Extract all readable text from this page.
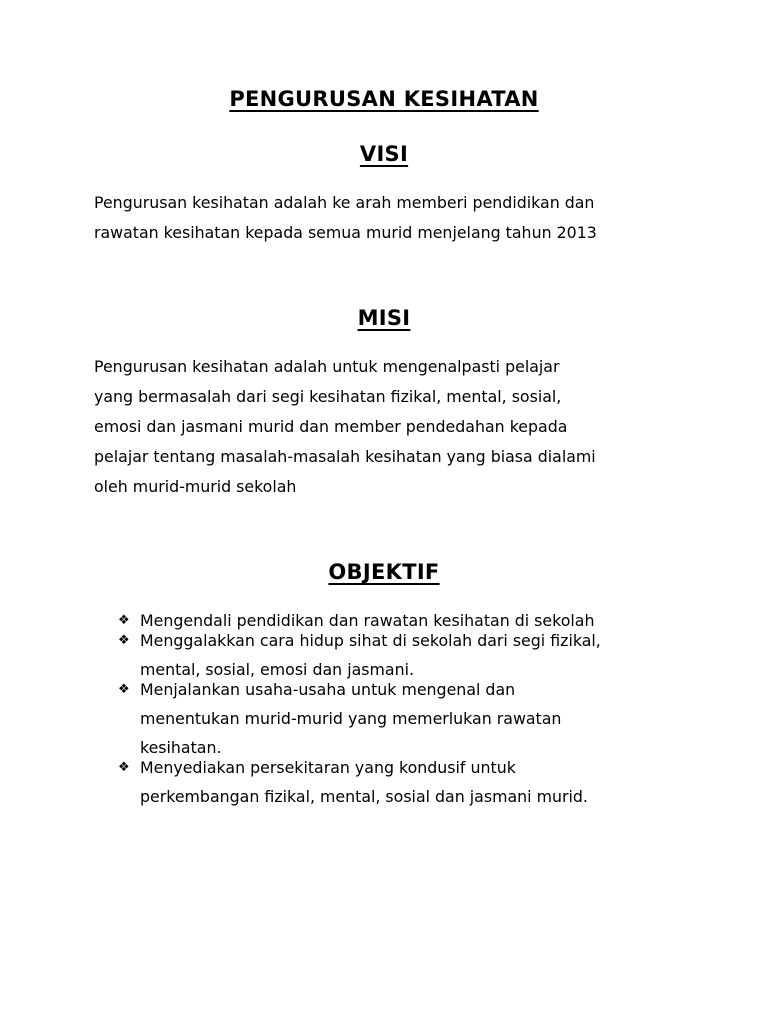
PENGURUSAN KESIHATAN
VISI

Pengurusan kesihatan adalah ke arah memberi pendidikan dan
rawatan kesihatan kepada semua murid menjelang tahun 2013

MISI

Pengurusan kesihatan adalah untuk mengenalpasti pelajar
yang bermasalah dari segi kesihatan fizikal, mental, sosial,
emosi dan jasmani murid dan member pendedahan kepada
pelajar tentang masalah-masalah kesihatan yang biasa dialami
oleh murid-murid sekolah

OBJEKTIF
❖ Mengendali pendidikan dan rawatan kesihatan di sekolah
❖ Menggalakkan cara hidup sihat di sekolah dari segi fizikal,
mental, sosial, emosi dan jasmani.
❖ Menjalankan usaha-usaha untuk mengenal dan
menentukan murid-murid yang memerlukan rawatan
kesihatan.
❖ Menyediakan persekitaran yang kondusif untuk
perkembangan fizikal, mental, sosial dan jasmani murid.
